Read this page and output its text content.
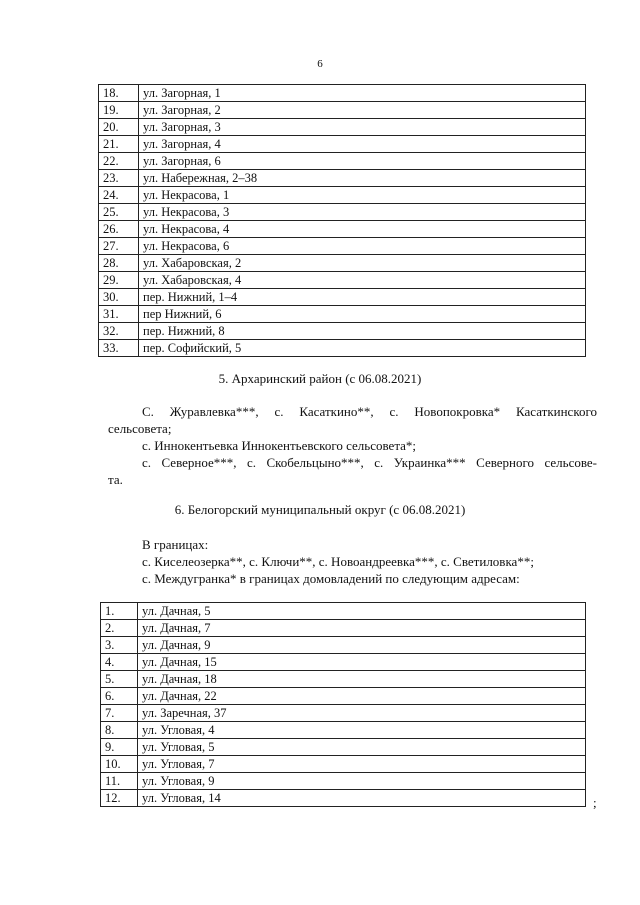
6
18.	ул. Загорная, 1
19.	ул. Загорная, 2
20.	ул. Загорная, 3
21.	ул. Загорная, 4
22.	ул. Загорная, 6
23.	ул. Набережная, 2–38
24.	ул. Некрасова, 1
25.	ул. Некрасова, 3
26.	ул. Некрасова, 4
27.	ул. Некрасова, 6
28.	ул. Хабаровская, 2
29.	ул. Хабаровская, 4
30.	пер. Нижний, 1–4
31.	пер Нижний, 6
32.	пер. Нижний, 8
33.	пер. Софийский, 5
5. Архаринский район (с 06.08.2021)
С. Журавлевка***, с. Касаткино**, с. Новопокровка* Касаткинского
сельсовета;
с. Иннокентьевка Иннокентьевского сельсовета*;
с. Северное***, с. Скобельцыно***, с. Украинка*** Северного сельсове-
та.
6. Белогорский муниципальный округ (с 06.08.2021)
В границах:
с. Киселеозерка**, с. Ключи**, с. Новоандреевка***, с. Светиловка**;
с. Междугранка* в границах домовладений по следующим адресам:
1.	ул. Дачная, 5
2.	ул. Дачная, 7
3.	ул. Дачная, 9
4.	ул. Дачная, 15
5.	ул. Дачная, 18
6.	ул. Дачная, 22
7.	ул. Заречная, 37
8.	ул. Угловая, 4
9.	ул. Угловая, 5
10.	ул. Угловая, 7
11.	ул. Угловая, 9
12.	ул. Угловая, 14	;
